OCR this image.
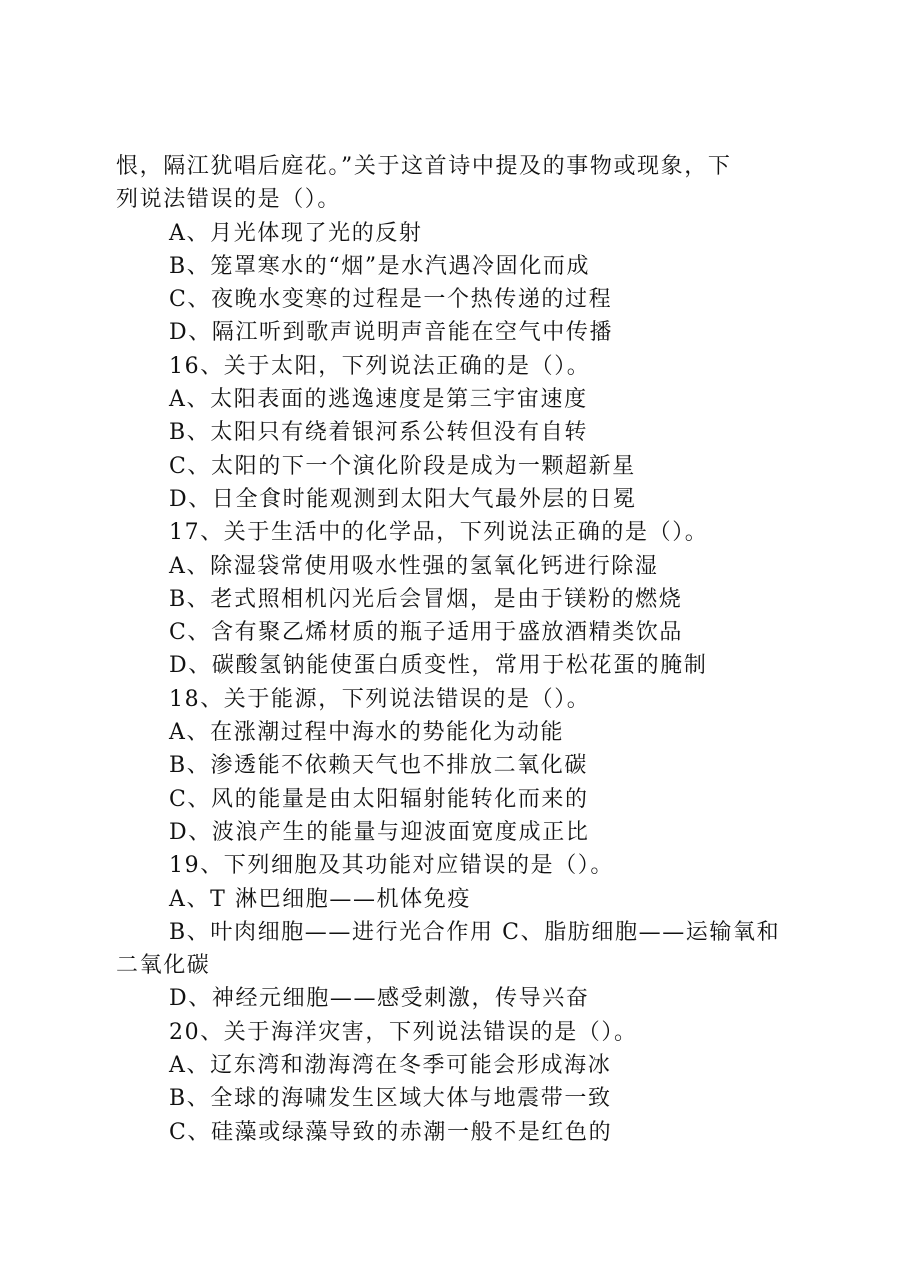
恨，隔江犹唱后庭花。”关于这首诗中提及的事物或现象，下
列说法错误的是（）。
A、月光体现了光的反射
B、笼罩寒水的“烟”是水汽遇冷固化而成
C、夜晚水变寒的过程是一个热传递的过程
D、隔江听到歌声说明声音能在空气中传播
16、关于太阳，下列说法正确的是（）。
A、太阳表面的逃逸速度是第三宇宙速度
B、太阳只有绕着银河系公转但没有自转
C、太阳的下一个演化阶段是成为一颗超新星
D、日全食时能观测到太阳大气最外层的日冕
17、关于生活中的化学品，下列说法正确的是（）。
A、除湿袋常使用吸水性强的氢氧化钙进行除湿
B、老式照相机闪光后会冒烟，是由于镁粉的燃烧
C、含有聚乙烯材质的瓶子适用于盛放酒精类饮品
D、碳酸氢钠能使蛋白质变性，常用于松花蛋的腌制
18、关于能源，下列说法错误的是（）。
A、在涨潮过程中海水的势能化为动能
B、渗透能不依赖天气也不排放二氧化碳
C、风的能量是由太阳辐射能转化而来的
D、波浪产生的能量与迎波面宽度成正比
19、下列细胞及其功能对应错误的是（）。
A、T 淋巴细胞——机体免疫
B、叶肉细胞——进行光合作用 C、脂肪细胞——运输氧和
二氧化碳
D、神经元细胞——感受刺激，传导兴奋
20、关于海洋灾害，下列说法错误的是（）。
A、辽东湾和渤海湾在冬季可能会形成海冰
B、全球的海啸发生区域大体与地震带一致
C、硅藻或绿藻导致的赤潮一般不是红色的
